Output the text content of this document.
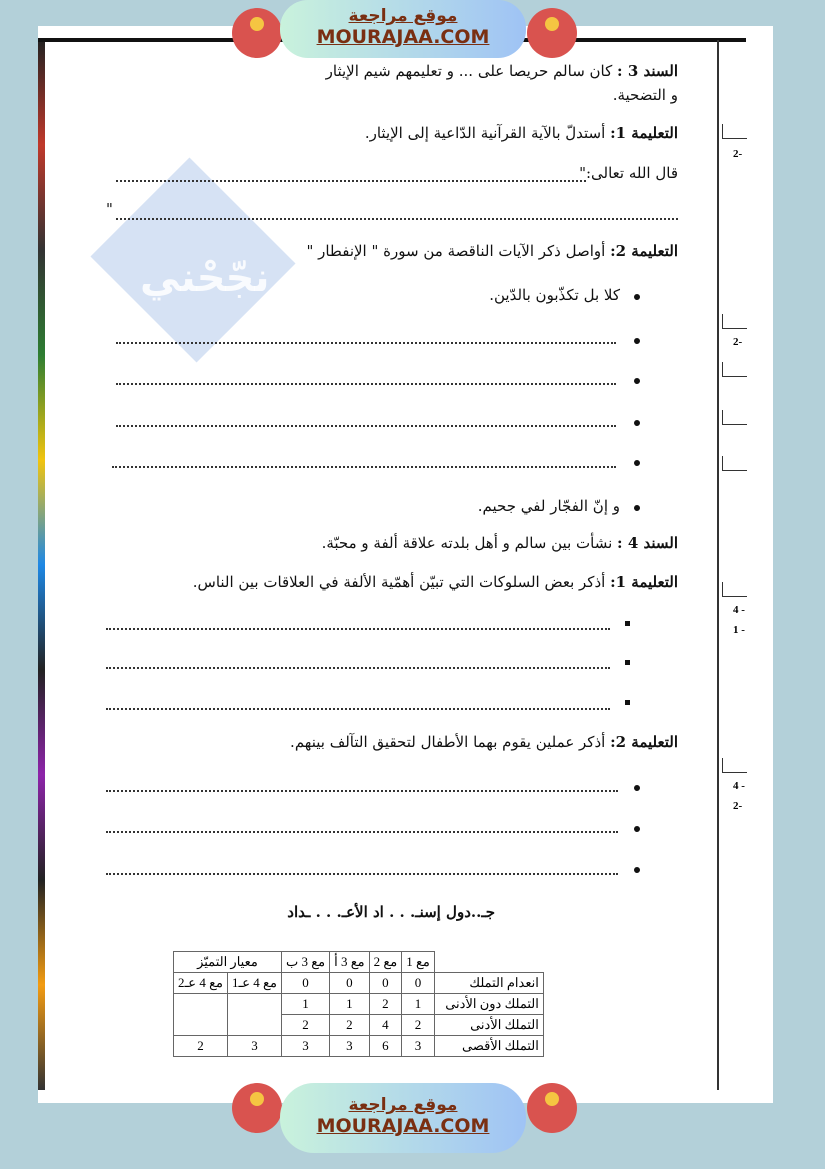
نجّحْني
2-
2-
4 -
1 -
4 -
2-
السند 3 : كان سالم حريصا على ... و تعليمهم شيم الإيثار
و التضحية.
التعليمة 1: أستدلّ بالآية القرآنية الدّاعية إلى الإيثار.
قال الله تعالى:"
"
التعليمة 2: أواصل ذكر الآيات الناقصة من سورة " الإنفطار "
كلا بل تكذّبون بالدّين.
و إنّ الفجّار لفي جحيم.
السند 4 : نشأت بين سالم و أهل بلدته علاقة ألفة و محبّة.
التعليمة 1: أذكر بعض السلوكات التي تبيّن أهمّية الألفة في العلاقات بين الناس.
التعليمة 2: أذكر عملين يقوم بهما الأطفال لتحقيق التآلف بينهم.
جـ..دول إسنـ. . . اد الأعـ. . . ـداد
	مع 1	مع 2	مع 3 أ	مع 3 ب	معيار التميّز	
انعدام التملك	0	0	0	0	مع 4 عـ1	مع 4 عـ2
التملك دون الأدنى	1	2	1	1		
التملك الأدنى	2	4	2	2		
التملك الأقصى	3	6	3	3	3	2
موقع مراجعة
MOURAJAA.COM
موقع مراجعة
MOURAJAA.COM
